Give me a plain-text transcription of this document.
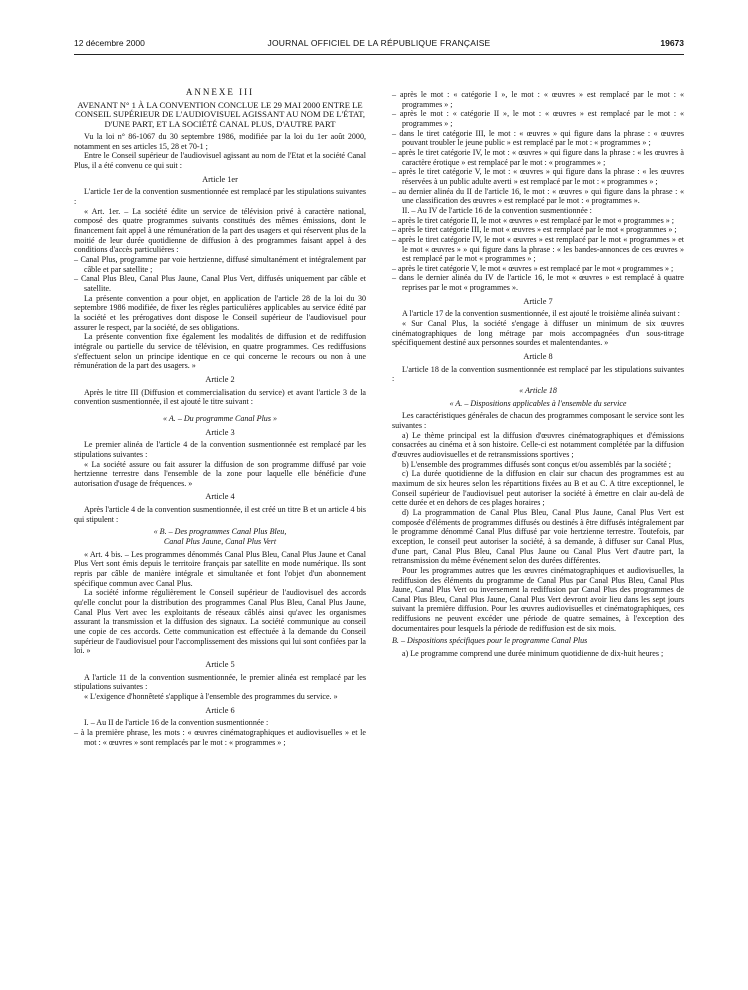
12 décembre 2000	JOURNAL OFFICIEL DE LA RÉPUBLIQUE FRANÇAISE	19673

ANNEXE III

AVENANT N° 1 À LA CONVENTION CONCLUE LE 29 MAI 2000 ENTRE LE CONSEIL SUPÉRIEUR DE L'AUDIOVISUEL AGISSANT AU NOM DE L'ÉTAT, D'UNE PART, ET LA SOCIÉTÉ CANAL PLUS, D'AUTRE PART

Vu la loi n° 86-1067 du 30 septembre 1986, modifiée par la loi du 1er août 2000, notamment en ses articles 15, 28 et 70-1 ;

Entre le Conseil supérieur de l'audiovisuel agissant au nom de l'Etat et la société Canal Plus, il a été convenu ce qui suit :

Article 1er

L'article 1er de la convention susmentionnée est remplacé par les stipulations suivantes :

« Art. 1er. – La société édite un service de télévision privé à caractère national, composé des quatre programmes suivants constitués des mêmes émissions, dont le financement fait appel à une rémunération de la part des usagers et qui réservent plus de la moitié de leur durée quotidienne de diffusion à des programmes faisant appel à des conditions d'accès particulières :

– Canal Plus, programme par voie hertzienne, diffusé simultanément et intégralement par câble et par satellite ;

– Canal Plus Bleu, Canal Plus Jaune, Canal Plus Vert, diffusés uniquement par câble et satellite.

La présente convention a pour objet, en application de l'article 28 de la loi du 30 septembre 1986 modifiée, de fixer les règles particulières applicables au service édité par la société et les prérogatives dont dispose le Conseil supérieur de l'audiovisuel pour assurer le respect, par la société, de ses obligations.

La présente convention fixe également les modalités de diffusion et de rediffusion intégrale ou partielle du service de télévision, en quatre programmes. Ces rediffusions s'effectuent selon un principe identique en ce qui concerne le recours ou non à une rémunération de la part des usagers. »

Article 2

Après le titre III (Diffusion et commercialisation du service) et avant l'article 3 de la convention susmentionnée, il est ajouté le titre suivant :

« A. – Du programme Canal Plus »

Article 3

Le premier alinéa de l'article 4 de la convention susmentionnée est remplacé par les stipulations suivantes :

« La société assure ou fait assurer la diffusion de son programme diffusé par voie hertzienne terrestre dans l'ensemble de la zone pour laquelle elle bénéficie d'une autorisation d'usage de fréquences. »

Article 4

Après l'article 4 de la convention susmentionnée, il est créé un titre B et un article 4 bis qui stipulent :

« B. – Des programmes Canal Plus Bleu,

Canal Plus Jaune, Canal Plus Vert

« Art. 4 bis. – Les programmes dénommés Canal Plus Bleu, Canal Plus Jaune et Canal Plus Vert sont émis depuis le territoire français par satellite en mode numérique. Ils sont repris par câble de manière intégrale et simultanée et font l'objet d'un abonnement spécifique commun avec Canal Plus.

La société informe régulièrement le Conseil supérieur de l'audiovisuel des accords qu'elle conclut pour la distribution des programmes Canal Plus Bleu, Canal Plus Jaune, Canal Plus Vert avec les exploitants de réseaux câblés ainsi qu'avec les organismes assurant la transmission et la diffusion des signaux. La société communique au conseil une copie de ces accords. Cette communication est effectuée à la demande du Conseil supérieur de l'audiovisuel pour l'accomplissement des missions qui lui sont confiées par la loi. »

Article 5

A l'article 11 de la convention susmentionnée, le premier alinéa est remplacé par les stipulations suivantes :

« L'exigence d'honnêteté s'applique à l'ensemble des programmes du service. »

Article 6

I. – Au II de l'article 16 de la convention susmentionnée :

– à la première phrase, les mots : « œuvres cinématographiques et audiovisuelles » et le mot : « œuvres » sont remplacés par le mot : « programmes » ;

– après le mot : « catégorie I », le mot : « œuvres » est remplacé par le mot : « programmes » ;

– après le mot : « catégorie II », le mot : « œuvres » est remplacé par le mot : « programmes » ;

– dans le tiret catégorie III, le mot : « œuvres » qui figure dans la phrase : « œuvres pouvant troubler le jeune public » est remplacé par le mot : « programmes » ;

– après le tiret catégorie IV, le mot : « œuvres » qui figure dans la phrase : « les œuvres à caractère érotique » est remplacé par le mot : « programmes » ;

– après le tiret catégorie V, le mot : « œuvres » qui figure dans la phrase : « les œuvres réservées à un public adulte averti » est remplacé par le mot : « programmes » ;

– au dernier alinéa du II de l'article 16, le mot : « œuvres » qui figure dans la phrase : « une classification des œuvres » est remplacé par le mot : « programmes ».

II. – Au IV de l'article 16 de la convention susmentionnée :

– après le tiret catégorie II, le mot « œuvres » est remplacé par le mot « programmes » ;

– après le tiret catégorie III, le mot « œuvres » est remplacé par le mot « programmes » ;

– après le tiret catégorie IV, le mot « œuvres » est remplacé par le mot « programmes » et le mot « œuvres » » qui figure dans la phrase : « les bandes-annonces de ces œuvres » est remplacé par le mot « programmes » ;

– après le tiret catégorie V, le mot « œuvres » est remplacé par le mot « programmes » ;

– dans le dernier alinéa du IV de l'article 16, le mot « œuvres » est remplacé à quatre reprises par le mot « programmes ».

Article 7

A l'article 17 de la convention susmentionnée, il est ajouté le troisième alinéa suivant :

« Sur Canal Plus, la société s'engage à diffuser un minimum de six œuvres cinématographiques de long métrage par mois accompagnées d'un sous-titrage spécifiquement destiné aux personnes sourdes et malentendantes. »

Article 8

L'article 18 de la convention susmentionnée est remplacé par les stipulations suivantes :

« Article 18

« A. – Dispositions applicables à l'ensemble du service

Les caractéristiques générales de chacun des programmes composant le service sont les suivantes :

a) Le thème principal est la diffusion d'œuvres cinématographiques et d'émissions consacrées au cinéma et à son histoire. Celle-ci est notamment complétée par la diffusion d'œuvres audiovisuelles et de retransmissions sportives ;

b) L'ensemble des programmes diffusés sont conçus et/ou assemblés par la société ;

c) La durée quotidienne de la diffusion en clair sur chacun des programmes est au maximum de six heures selon les répartitions fixées au B et au C. A titre exceptionnel, le Conseil supérieur de l'audiovisuel peut autoriser la société à émettre en clair au-delà de cette durée et en dehors de ces plages horaires ;

d) La programmation de Canal Plus Bleu, Canal Plus Jaune, Canal Plus Vert est composée d'éléments de programmes diffusés ou destinés à être diffusés intégralement par le programme dénommé Canal Plus diffusé par voie hertzienne terrestre. Toutefois, par exception, le conseil peut autoriser la société, à sa demande, à diffuser sur Canal Plus, d'une part, Canal Plus Bleu, Canal Plus Jaune ou Canal Plus Vert d'autre part, la retransmission du même événement selon des durées différentes.

Pour les programmes autres que les œuvres cinématographiques et audiovisuelles, la rediffusion des éléments du programme de Canal Plus par Canal Plus Bleu, Canal Plus Jaune, Canal Plus Vert ou inversement la rediffusion par Canal Plus des programmes de Canal Plus Bleu, Canal Plus Jaune, Canal Plus Vert devront avoir lieu dans les sept jours suivant la première diffusion. Pour les œuvres audiovisuelles et cinématographiques, ces rediffusions ne peuvent excéder une période de quatre semaines, à l'exception des documentaires pour lesquels la période de rediffusion est de six mois.

B. – Dispositions spécifiques pour le programme Canal Plus

a) Le programme comprend une durée minimum quotidienne de dix-huit heures ;
